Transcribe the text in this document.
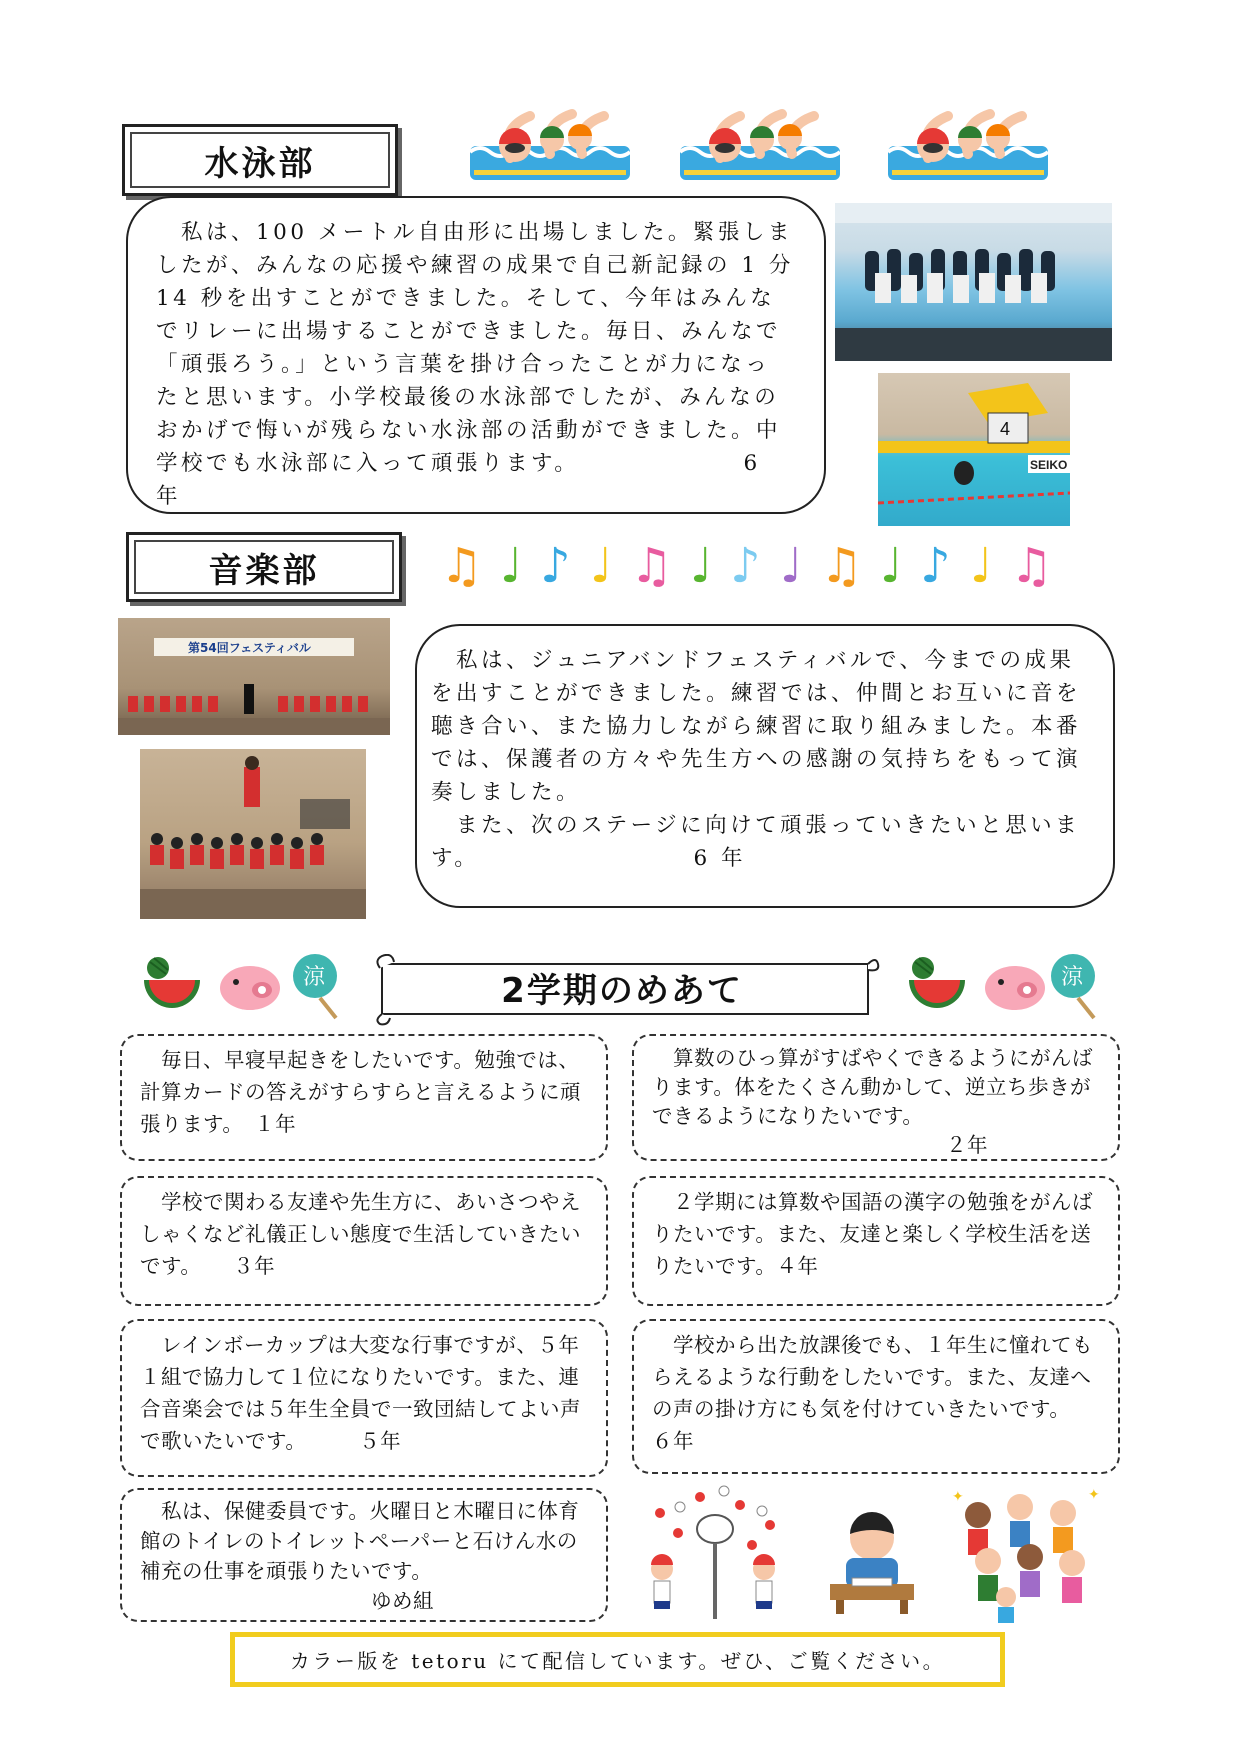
水泳部

　私は、100 メートル自由形に出場しました。緊張しましたが、みんなの応援や練習の成果で自己新記録の 1 分 14 秒を出すことができました。そして、今年はみんなでリレーに出場することができました。毎日、みんなで「頑張ろう。」という言葉を掛け合ったことが力になったと思います。小学校最後の水泳部でしたが、みんなのおかげで悔いが残らない水泳部の活動ができました。中学校でも水泳部に入って頑張ります。　　　　　　　6 年

4
SEIKO
音楽部	♫ ♩ ♪ ♩ ♫ ♩ ♪ ♩ ♫ ♩ ♪ ♩ ♫
第54回フェスティバル	　私は、ジュニアバンドフェスティバルで、今までの成果を出すことができました。練習では、仲間とお互いに音を聴き合い、また協力しながら練習に取り組みました。本番では、保護者の方々や先生方への感謝の気持ちをもって演奏しました。

　また、次のステージに向けて頑張っていきたいと思います。　　　　　　　　　6 年

涼	2学期のめあて	涼

　毎日、早寝早起きをしたいです。勉強では、計算カードの答えがすらすらと言えるように頑張ります。　１年

　算数のひっ算がすばやくできるようにがんばります。体をたくさん動かして、逆立ち歩きができるようになりたいです。
　　　　　　　　　　　　　　２年

　学校で関わる友達や先生方に、あいさつやえしゃくなど礼儀正しい態度で生活していきたいです。　　３年

　２学期には算数や国語の漢字の勉強をがんばりたいです。また、友達と楽しく学校生活を送りたいです。４年

　レインボーカップは大変な行事ですが、５年１組で協力して１位になりたいです。また、連合音楽会では５年生全員で一致団結してよい声で歌いたいです。　　　５年

　学校から出た放課後でも、１年生に憧れてもらえるような行動をしたいです。また、友達への声の掛け方にも気を付けていきたいです。　　　　６年

　私は、保健委員です。火曜日と木曜日に体育館のトイレのトイレットペーパーと石けん水の補充の仕事を頑張りたいです。
　　　　　　　　　　　ゆめ組

✦	✦
カラー版を tetoru にて配信しています。ぜひ、ご覧ください。
